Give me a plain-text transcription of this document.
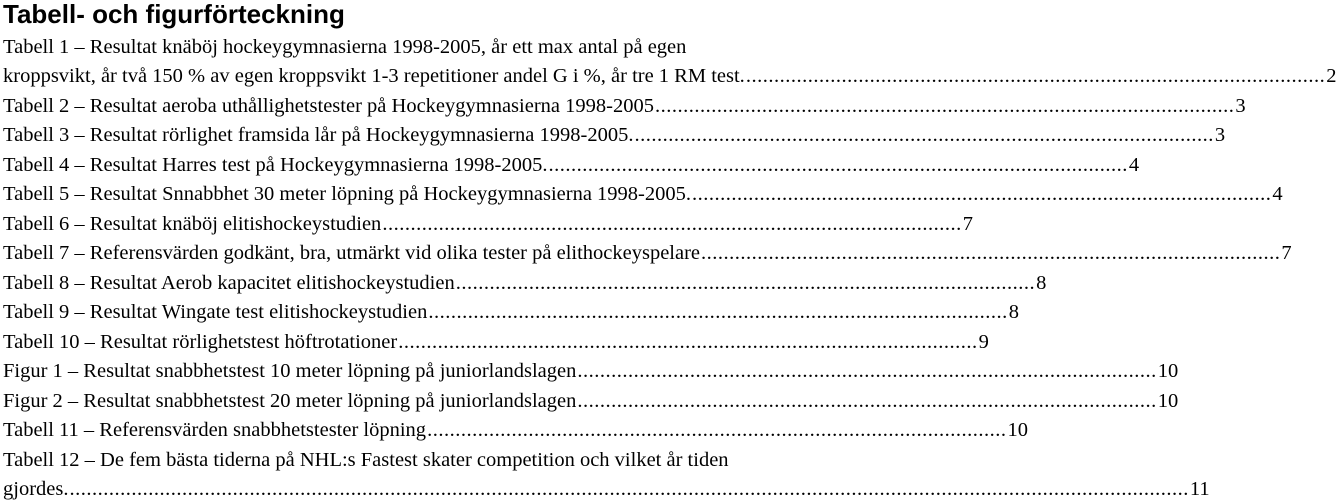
Tabell- och figurförteckning
Tabell 1 – Resultat knäböj hockeygymnasierna 1998-2005, år ett max antal på egen
kroppsvikt, år två 150 % av egen kroppsvikt 1-3 repetitioner andel G i %, år tre 1 RM test. ....................................................................................................... 2
Tabell 2 – Resultat aeroba uthållighetstester på Hockeygymnasierna 1998-2005 ....................................................................................................... 3
Tabell 3 – Resultat rörlighet framsida lår på Hockeygymnasierna 1998-2005. ....................................................................................................... 3
Tabell 4 – Resultat Harres test på Hockeygymnasierna 1998-2005. ....................................................................................................... 4
Tabell 5 – Resultat Snnabbhet 30 meter löpning på Hockeygymnasierna 1998-2005. ....................................................................................................... 4
Tabell 6 – Resultat knäböj elitishockeystudien ....................................................................................................... 7
Tabell 7 – Referensvärden godkänt, bra, utmärkt vid olika tester på elithockeyspelare ....................................................................................................... 7
Tabell 8 – Resultat Aerob kapacitet elitishockeystudien ....................................................................................................... 8
Tabell 9 – Resultat Wingate test elitishockeystudien ....................................................................................................... 8
Tabell 10 – Resultat rörlighetstest höftrotationer ....................................................................................................... 9
Figur 1 – Resultat snabbhetstest 10 meter löpning på juniorlandslagen ....................................................................................................... 10
Figur 2 – Resultat snabbhetstest 20 meter löpning på juniorlandslagen ....................................................................................................... 10
Tabell 11 – Referensvärden snabbhetstester löpning ....................................................................................................... 10
Tabell 12 – De fem bästa tiderna på NHL:s Fastest skater competition och vilket år tiden
gjordes. ....................................................................................................................................................................................................... 11
